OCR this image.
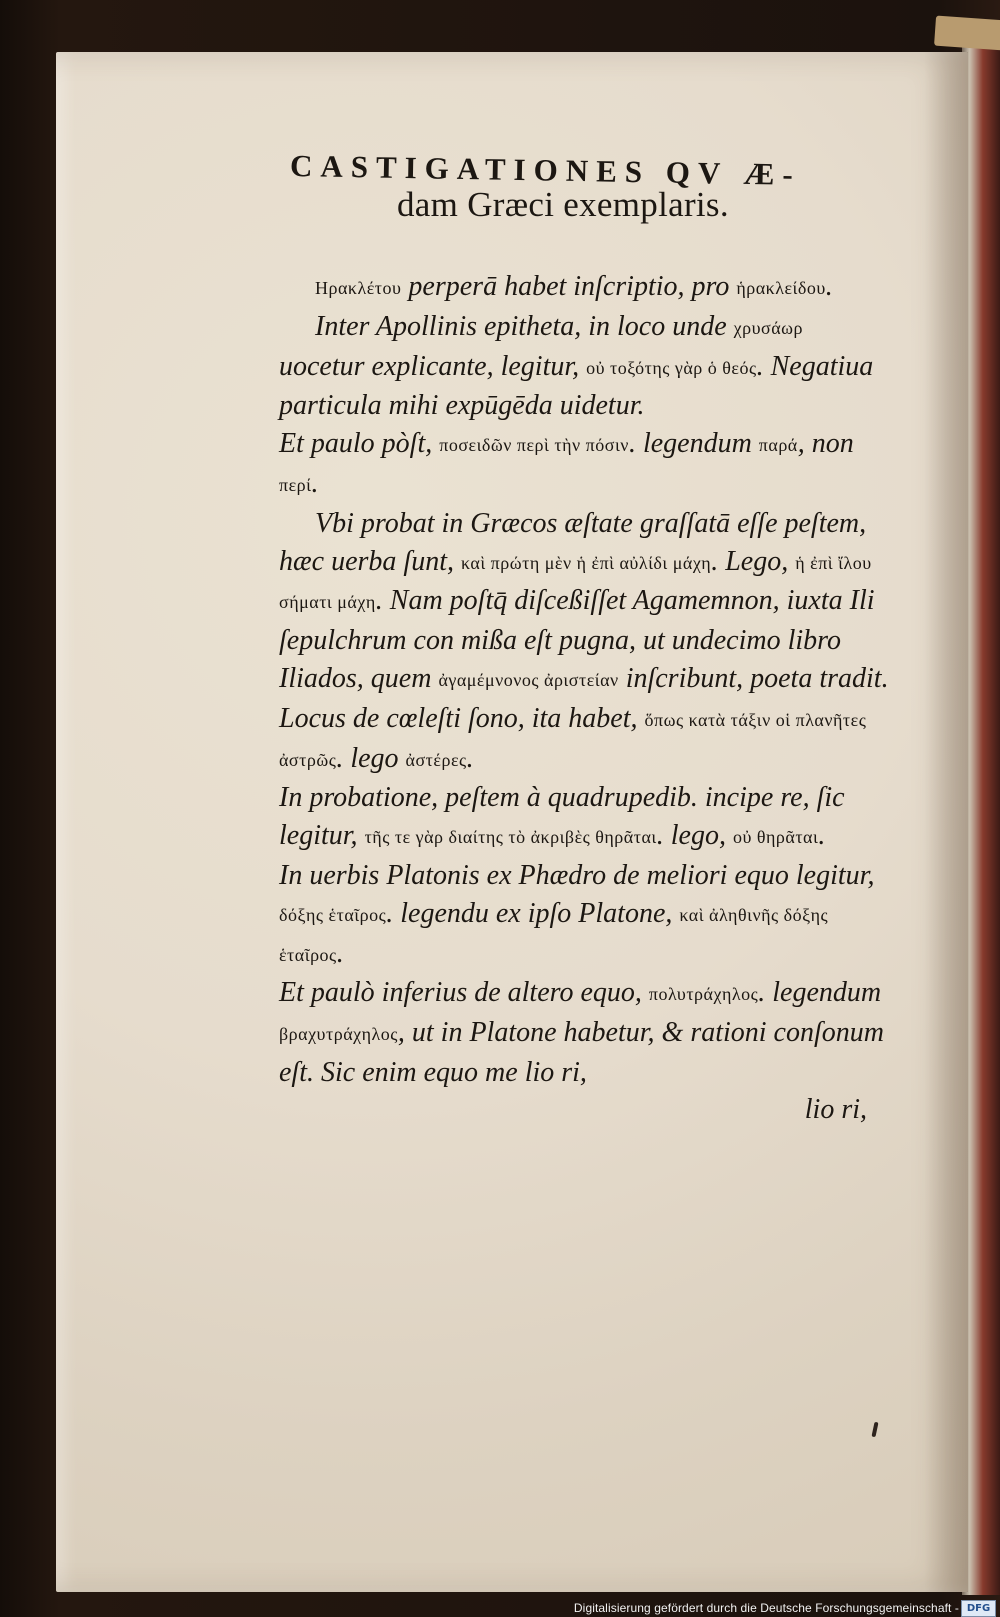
CASTIGATIONES QV Æ-
dam Græci exemplaris.

Ηρακλέτου perperā habet inſcriptio, pro ἡρακλείδου.

Inter Apollinis epitheta, in loco unde χρυσάωρ uocetur explicante, legitur, οὐ τοξότης γὰρ ὁ θεός. Negatiua particula mihi expūgēda uidetur.

Et paulo pòſt, ποσειδῶν περὶ τὴν πόσιν. legendum παρά, non περί.

Vbi probat in Græcos æſtate graſſatā eſſe peſtem, hæc uerba ſunt, καὶ πρώτη μὲν ἡ ἐπὶ αὐλίδι μάχη. Lego, ἡ ἐπὶ ἴλου σήματι μάχη. Nam poſtq̄ diſceßiſſet Agamemnon, iuxta Ili ſepulchrum con mißa eſt pugna, ut undecimo libro Iliados, quem ἀγαμέμνονος ἀριστείαν inſcribunt, poeta tradit.

Locus de cœleſti ſono, ita habet, ὅπως κατὰ τάξιν οἱ πλανῆτες ἀστρῶς. lego ἀστέρες.

In probatione, peſtem à quadrupedib. incipe re, ſic legitur, τῆς τε γὰρ διαίτης τὸ ἀκριβὲς θηρᾶται. lego, οὐ θηρᾶται.

In uerbis Platonis ex Phædro de meliori equo legitur, δόξης ἑταῖρος. legendu ex ipſo Platone, καὶ ἀληθινῆς δόξης ἑταῖρος.

Et paulò inferius de altero equo, πολυτράχηλος. legendum βραχυτράχηλος, ut in Platone habetur, & rationi conſonum eſt. Sic enim equo me lio ri,

lio ri,
Digitalisierung gefördert durch die Deutsche Forschungsgemeinschaft - DFG
